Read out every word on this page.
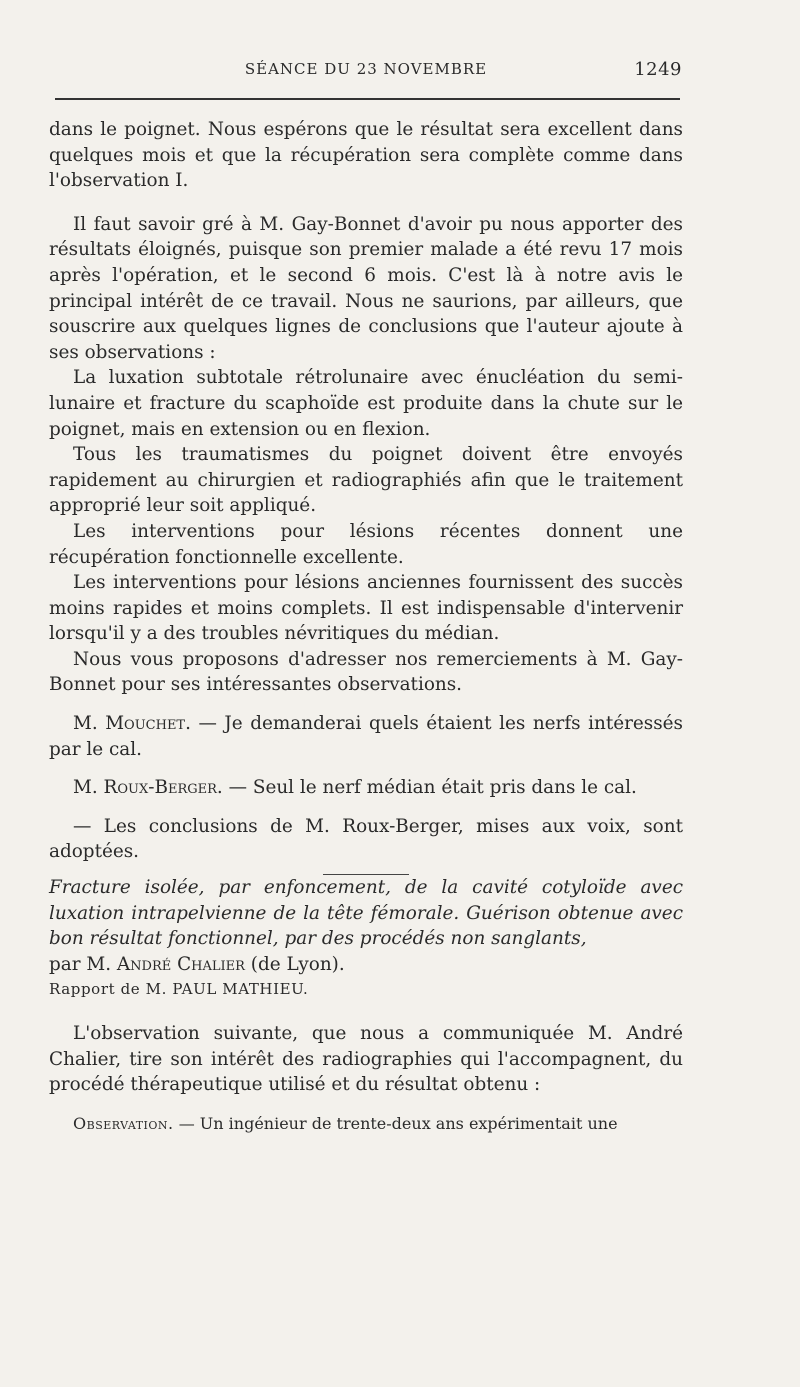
SÉANCE DU 23 NOVEMBRE	1249

dans le poignet. Nous espérons que le résultat sera excellent dans quelques mois et que la récupération sera complète comme dans l'observation I.

Il faut savoir gré à M. Gay-Bonnet d'avoir pu nous apporter des résultats éloignés, puisque son premier malade a été revu 17 mois après l'opération, et le second 6 mois. C'est là à notre avis le principal intérêt de ce travail. Nous ne saurions, par ailleurs, que souscrire aux quelques lignes de conclusions que l'auteur ajoute à ses observations :

La luxation subtotale rétrolunaire avec énucléation du semi-lunaire et fracture du scaphoïde est produite dans la chute sur le poignet, mais en extension ou en flexion.

Tous les traumatismes du poignet doivent être envoyés rapidement au chirurgien et radiographiés afin que le traitement approprié leur soit appliqué.

Les interventions pour lésions récentes donnent une récupération fonctionnelle excellente.

Les interventions pour lésions anciennes fournissent des succès moins rapides et moins complets. Il est indispensable d'intervenir lorsqu'il y a des troubles névritiques du médian.

Nous vous proposons d'adresser nos remerciements à M. Gay-Bonnet pour ses intéressantes observations.

M. Mouchet. — Je demanderai quels étaient les nerfs intéressés par le cal.

M. Roux-Berger. — Seul le nerf médian était pris dans le cal.

— Les conclusions de M. Roux-Berger, mises aux voix, sont adoptées.

Fracture isolée, par enfoncement, de la cavité cotyloïde avec luxation intrapelvienne de la tête fémorale. Guérison obtenue avec bon résultat fonctionnel, par des procédés non sanglants,

par M. André Chalier (de Lyon).

Rapport de M. PAUL MATHIEU.

L'observation suivante, que nous a communiquée M. André Chalier, tire son intérêt des radiographies qui l'accompagnent, du procédé thérapeutique utilisé et du résultat obtenu :

Observation. — Un ingénieur de trente-deux ans expérimentait une
